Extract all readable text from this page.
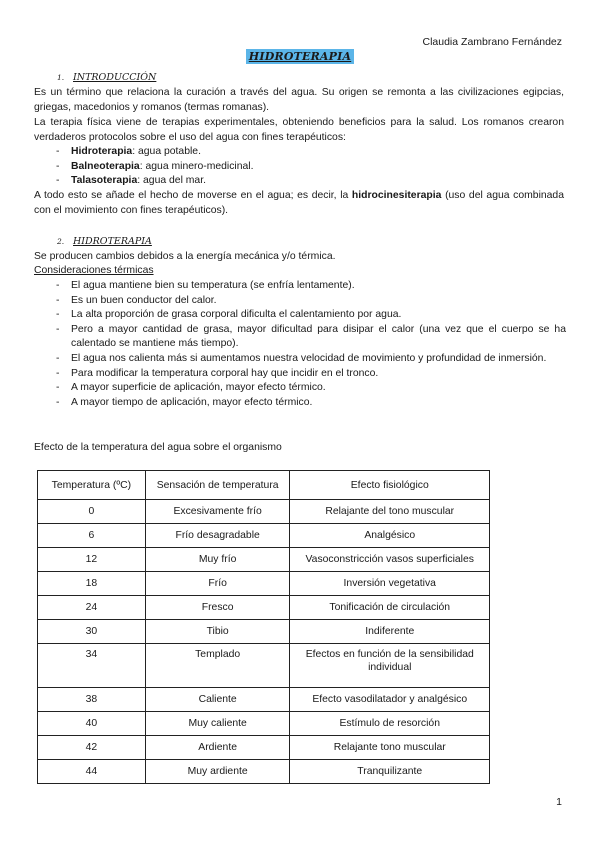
Claudia Zambrano Fernández
HIDROTERAPIA
1. INTRODUCCIÓN
Es un término que relaciona la curación a través del agua. Su origen se remonta a las civilizaciones egipcias, griegas, macedonios y romanos (termas romanas).
La terapia física viene de terapias experimentales, obteniendo beneficios para la salud. Los romanos crearon verdaderos protocolos sobre el uso del agua con fines terapéuticos:
- Hidroterapia: agua potable.
- Balneoterapia: agua minero-medicinal.
- Talasoterapia: agua del mar.
A todo esto se añade el hecho de moverse en el agua; es decir, la hidrocinesiterapia (uso del agua combinada con el movimiento con fines terapéuticos).
2. HIDROTERAPIA
Se producen cambios debidos a la energía mecánica y/o térmica.
Consideraciones térmicas
- El agua mantiene bien su temperatura (se enfría lentamente).
- Es un buen conductor del calor.
- La alta proporción de grasa corporal dificulta el calentamiento por agua.
- Pero a mayor cantidad de grasa, mayor dificultad para disipar el calor (una vez que el cuerpo se ha calentado se mantiene más tiempo).
- El agua nos calienta más si aumentamos nuestra velocidad de movimiento y profundidad de inmersión.
- Para modificar la temperatura corporal hay que incidir en el tronco.
- A mayor superficie de aplicación, mayor efecto térmico.
- A mayor tiempo de aplicación, mayor efecto térmico.
Efecto de la temperatura del agua sobre el organismo
Temperatura (ºC)	Sensación de temperatura	Efecto fisiológico
0	Excesivamente frío	Relajante del tono muscular
6	Frío desagradable	Analgésico
12	Muy frío	Vasoconstricción vasos superficiales
18	Frío	Inversión vegetativa
24	Fresco	Tonificación de circulación
30	Tibio	Indiferente
34	Templado	Efectos en función de la sensibilidad individual
38	Caliente	Efecto vasodilatador y analgésico
40	Muy caliente	Estímulo de resorción
42	Ardiente	Relajante tono muscular
44	Muy ardiente	Tranquilizante
1
